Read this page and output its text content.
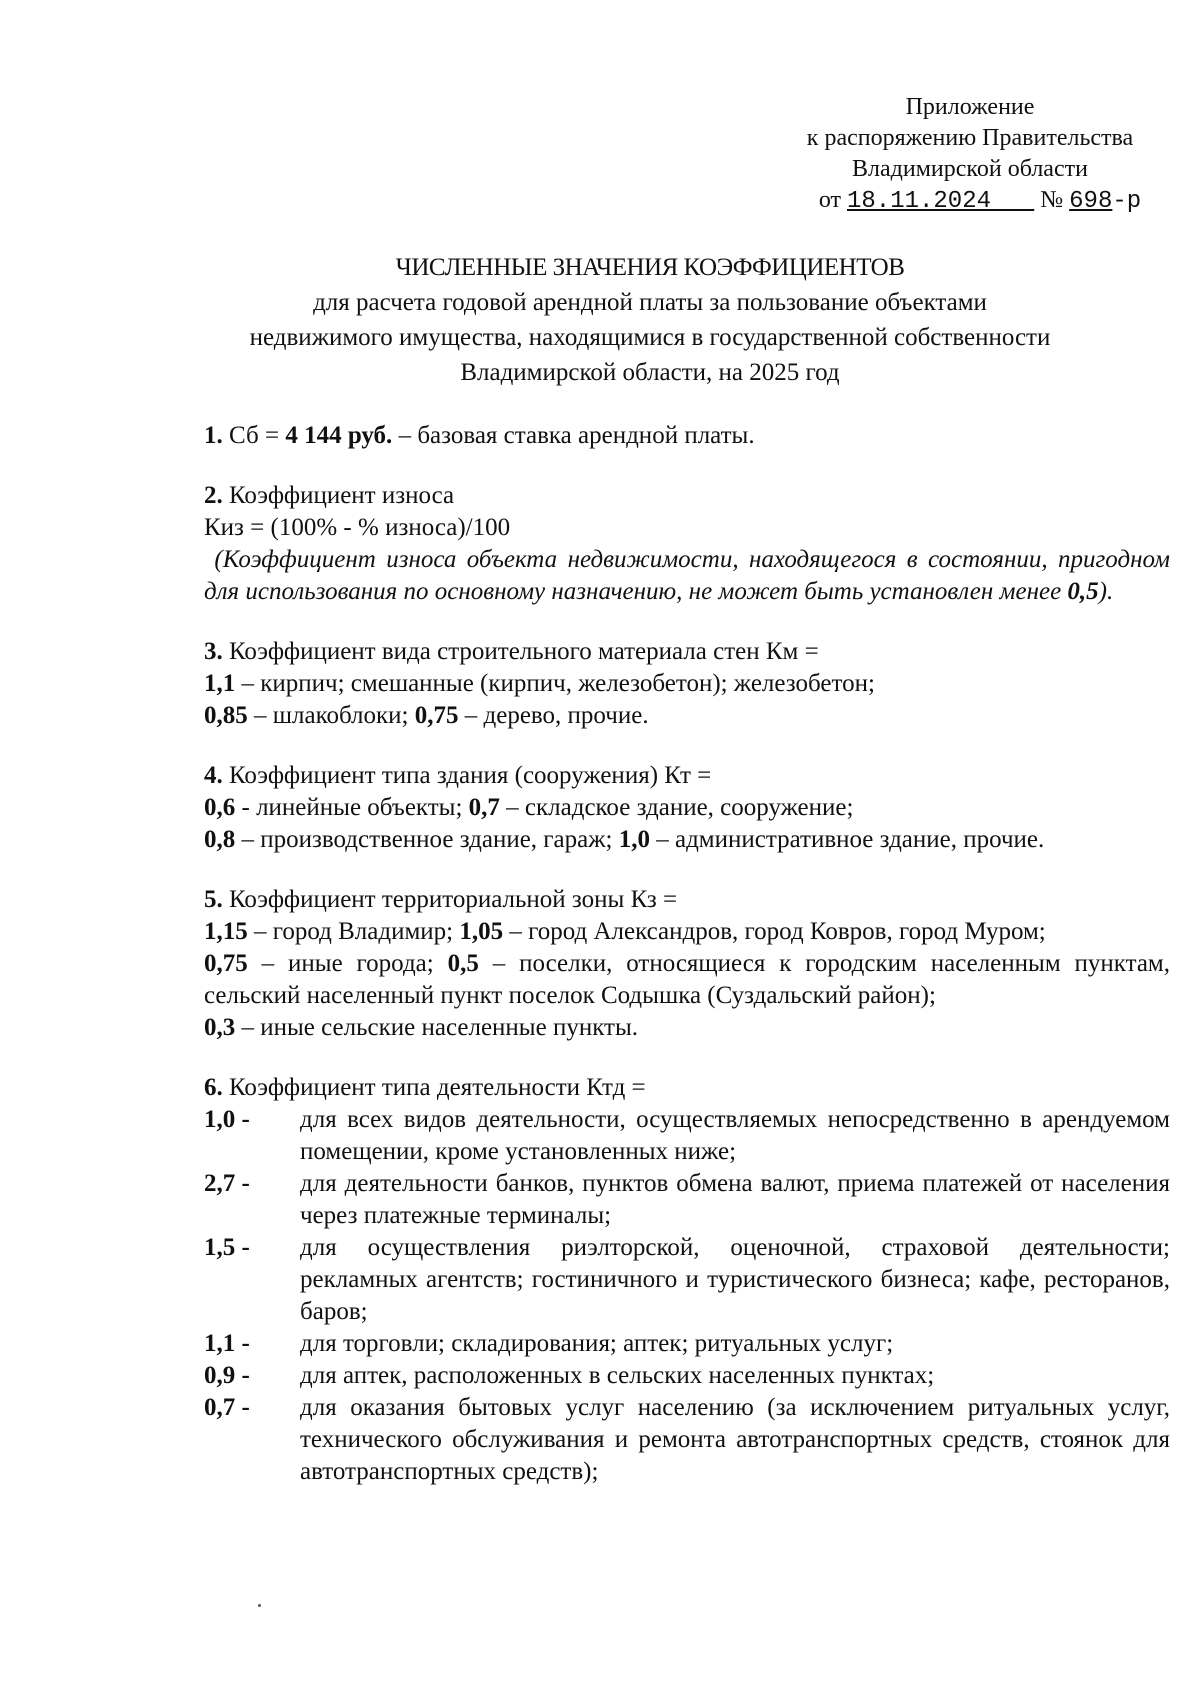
Приложение
к распоряжению Правительства
Владимирской области
от 18.11.2024 № 698-р
ЧИСЛЕННЫЕ ЗНАЧЕНИЯ КОЭФФИЦИЕНТОВ
для расчета годовой арендной платы за пользование объектами
недвижимого имущества, находящимися в государственной собственности
Владимирской области, на 2025 год
1. Сб = 4 144 руб. – базовая ставка арендной платы.
2. Коэффициент износа
Киз = (100% - % износа)/100
(Коэффициент износа объекта недвижимости, находящегося в состоянии, пригодном для использования по основному назначению, не может быть установлен менее 0,5).
3. Коэффициент вида строительного материала стен Км =
1,1 – кирпич; смешанные (кирпич, железобетон); железобетон;
0,85 – шлакоблоки; 0,75 – дерево, прочие.
4. Коэффициент типа здания (сооружения) Кт =
0,6 - линейные объекты; 0,7 – складское здание, сооружение;
0,8 – производственное здание, гараж; 1,0 – административное здание, прочие.
5. Коэффициент территориальной зоны Кз =
1,15 – город Владимир; 1,05 – город Александров, город Ковров, город Муром;
0,75 – иные города; 0,5 – поселки, относящиеся к городским населенным пунктам, сельский населенный пункт поселок Содышка (Суздальский район);
0,3 – иные сельские населенные пункты.
6. Коэффициент типа деятельности Ктд =
1,0 -	для всех видов деятельности, осуществляемых непосредственно в арендуемом помещении, кроме установленных ниже;
2,7 -	для деятельности банков, пунктов обмена валют, приема платежей от населения через платежные терминалы;
1,5 -	для осуществления риэлторской, оценочной, страховой деятельности; рекламных агентств; гостиничного и туристического бизнеса; кафе, ресторанов, баров;
1,1 -	для торговли; складирования; аптек; ритуальных услуг;
0,9 -	для аптек, расположенных в сельских населенных пунктах;
0,7 -	для оказания бытовых услуг населению (за исключением ритуальных услуг, технического обслуживания и ремонта автотранспортных средств, стоянок для автотранспортных средств);
